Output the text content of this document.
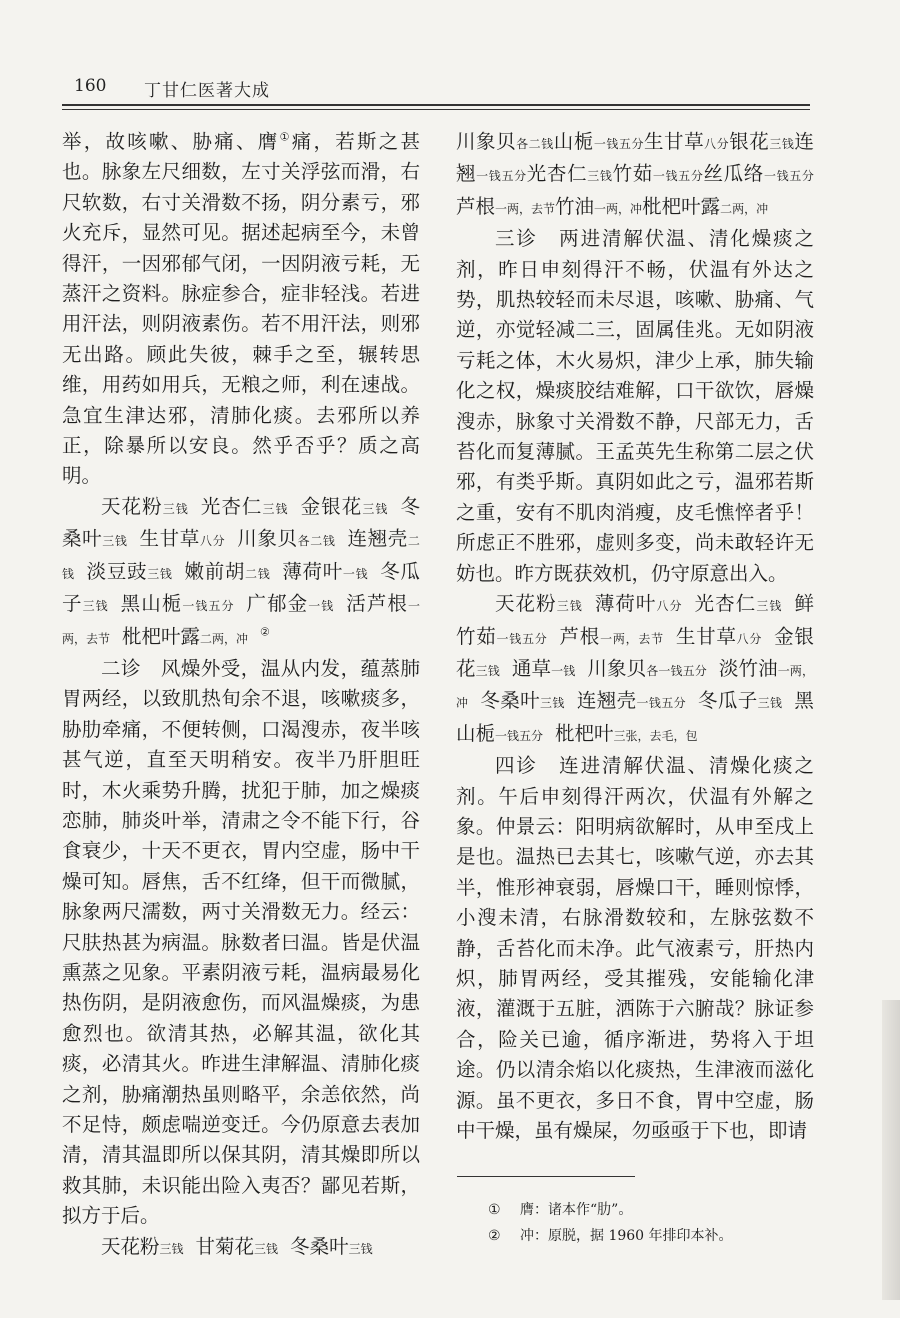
160 丁甘仁医著大成

举，故咳嗽、胁痛、膺①痛，若斯之甚也。脉象左尺细数，左寸关浮弦而滑，右尺软数，右寸关滑数不扬，阴分素亏，邪火充斥，显然可见。据述起病至今，未曾得汗，一因邪郁气闭，一因阴液亏耗，无蒸汗之资料。脉症参合，症非轻浅。若进用汗法，则阴液素伤。若不用汗法，则邪无出路。顾此失彼，棘手之至，辗转思维，用药如用兵，无粮之师，利在速战。急宜生津达邪，清肺化痰。去邪所以养正，除暴所以安良。然乎否乎？质之高明。

天花粉三钱 光杏仁三钱 金银花三钱 冬桑叶三钱 生甘草八分 川象贝各二钱 连翘壳二钱 淡豆豉三钱 嫩前胡二钱 薄荷叶一钱 冬瓜子三钱 黑山栀一钱五分 广郁金一钱 活芦根一两，去节 枇杷叶露二两，冲 ②

二诊　风燥外受，温从内发，蕴蒸肺胃两经，以致肌热旬余不退，咳嗽痰多，胁肋牵痛，不便转侧，口渴溲赤，夜半咳甚气逆，直至天明稍安。夜半乃肝胆旺时，木火乘势升腾，扰犯于肺，加之燥痰恋肺，肺炎叶举，清肃之令不能下行，谷食衰少，十天不更衣，胃内空虚，肠中干燥可知。唇焦，舌不红绛，但干而微腻，脉象两尺濡数，两寸关滑数无力。经云：尺肤热甚为病温。脉数者曰温。皆是伏温熏蒸之见象。平素阴液亏耗，温病最易化热伤阴，是阴液愈伤，而风温燥痰，为患愈烈也。欲清其热，必解其温，欲化其痰，必清其火。昨进生津解温、清肺化痰之剂，胁痛潮热虽则略平，余恙依然，尚不足恃，颇虑喘逆变迁。今仍原意去表加清，清其温即所以保其阴，清其燥即所以救其肺，未识能出险入夷否？鄙见若斯，拟方于后。

天花粉三钱 甘菊花三钱 冬桑叶三钱

川象贝各二钱山栀一钱五分生甘草八分银花三钱连翘一钱五分光杏仁三钱竹茹一钱五分丝瓜络一钱五分芦根一两，去节竹油一两，冲枇杷叶露二两，冲

三诊　两进清解伏温、清化燥痰之剂，昨日申刻得汗不畅，伏温有外达之势，肌热较轻而未尽退，咳嗽、胁痛、气逆，亦觉轻减二三，固属佳兆。无如阴液亏耗之体，木火易炽，津少上承，肺失输化之权，燥痰胶结难解，口干欲饮，唇燥溲赤，脉象寸关滑数不静，尺部无力，舌苔化而复薄腻。王孟英先生称第二层之伏邪，有类乎斯。真阴如此之亏，温邪若斯之重，安有不肌肉消瘦，皮毛憔悴者乎！所虑正不胜邪，虚则多变，尚未敢轻许无妨也。昨方既获效机，仍守原意出入。

天花粉三钱 薄荷叶八分 光杏仁三钱 鲜竹茹一钱五分 芦根一两，去节 生甘草八分 金银花三钱 通草一钱 川象贝各一钱五分 淡竹油一两，冲 冬桑叶三钱 连翘壳一钱五分 冬瓜子三钱 黑山栀一钱五分 枇杷叶三张，去毛，包

四诊　连进清解伏温、清燥化痰之剂。午后申刻得汗两次，伏温有外解之象。仲景云：阳明病欲解时，从申至戌上是也。温热已去其七，咳嗽气逆，亦去其半，惟形神衰弱，唇燥口干，睡则惊悸，小溲未清，右脉滑数较和，左脉弦数不静，舌苔化而未净。此气液素亏，肝热内炽，肺胃两经，受其摧残，安能输化津液，灌溉于五脏，洒陈于六腑哉？脉证参合，险关已逾，循序渐进，势将入于坦途。仍以清余焰以化痰热，生津液而滋化源。虽不更衣，多日不食，胃中空虚，肠中干燥，虽有燥屎，勿亟亟于下也，即请

① 膺：诸本作“肋”。
② 冲：原脱，据 1960 年排印本补。
